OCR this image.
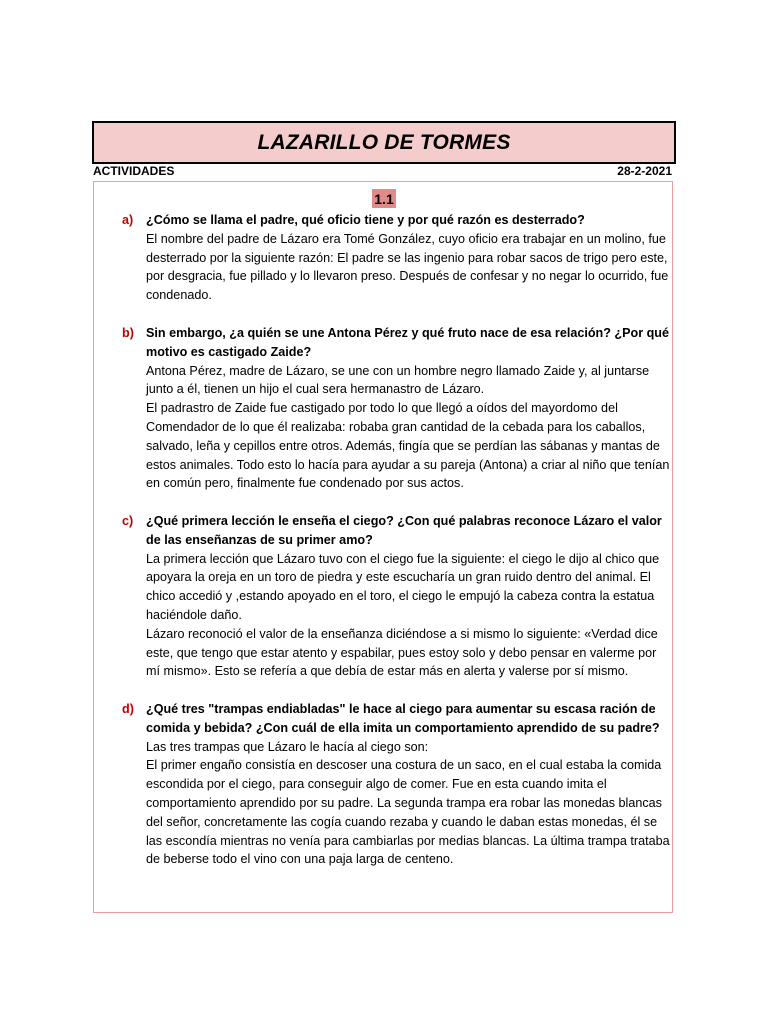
LAZARILLO DE TORMES
ACTIVIDADES	28-2-2021
1.1
a) ¿Cómo se llama el padre, qué oficio tiene y por qué razón es desterrado?

El nombre del padre de Lázaro era Tomé González, cuyo oficio era trabajar en un molino, fue desterrado por la siguiente razón: El padre se las ingenio para robar sacos de trigo pero este, por desgracia, fue pillado y lo llevaron preso. Después de confesar y no negar lo ocurrido, fue condenado.

b) Sin embargo, ¿a quién se une Antona Pérez y qué fruto nace de esa relación? ¿Por qué motivo es castigado Zaide?

Antona Pérez, madre de Lázaro, se une con un hombre negro llamado Zaide y, al juntarse junto a él, tienen un hijo el cual sera hermanastro de Lázaro.

El padrastro de Zaide fue castigado por todo lo que llegó a oídos del mayordomo del Comendador de lo que él realizaba: robaba gran cantidad de la cebada para los caballos, salvado, leña y cepillos entre otros. Además, fingía que se perdían las sábanas y mantas de estos animales. Todo esto lo hacía para ayudar a su pareja (Antona) a criar al niño que tenían en común pero, finalmente fue condenado por sus actos.

c) ¿Qué primera lección le enseña el ciego? ¿Con qué palabras reconoce Lázaro el valor de las enseñanzas de su primer amo?

La primera lección que Lázaro tuvo con el ciego fue la siguiente: el ciego le dijo al chico que apoyara la oreja en un toro de piedra y este escucharía un gran ruido dentro del animal. El chico accedió y ,estando apoyado en el toro, el ciego le empujó la cabeza contra la estatua haciéndole daño.

Lázaro reconoció el valor de la enseñanza diciéndose a si mismo lo siguiente: «Verdad dice este, que tengo que estar atento y espabilar, pues estoy solo y debo pensar en valerme por mí mismo». Esto se refería a que debía de estar más en alerta y valerse por sí mismo.

d) ¿Qué tres "trampas endiabladas" le hace al ciego para aumentar su escasa ración de comida y bebida? ¿Con cuál de ella imita un comportamiento aprendido de su padre?

Las tres trampas que Lázaro le hacía al ciego son:

El primer engaño consistía en descoser una costura de un saco, en el cual estaba la comida escondida por el ciego, para conseguir algo de comer. Fue en esta cuando imita el comportamiento aprendido por su padre. La segunda trampa era robar las monedas blancas del señor, concretamente las cogía cuando rezaba y cuando le daban estas monedas, él se las escondía mientras no venía para cambiarlas por medias blancas. La última trampa trataba de beberse todo el vino con una paja larga de centeno.
